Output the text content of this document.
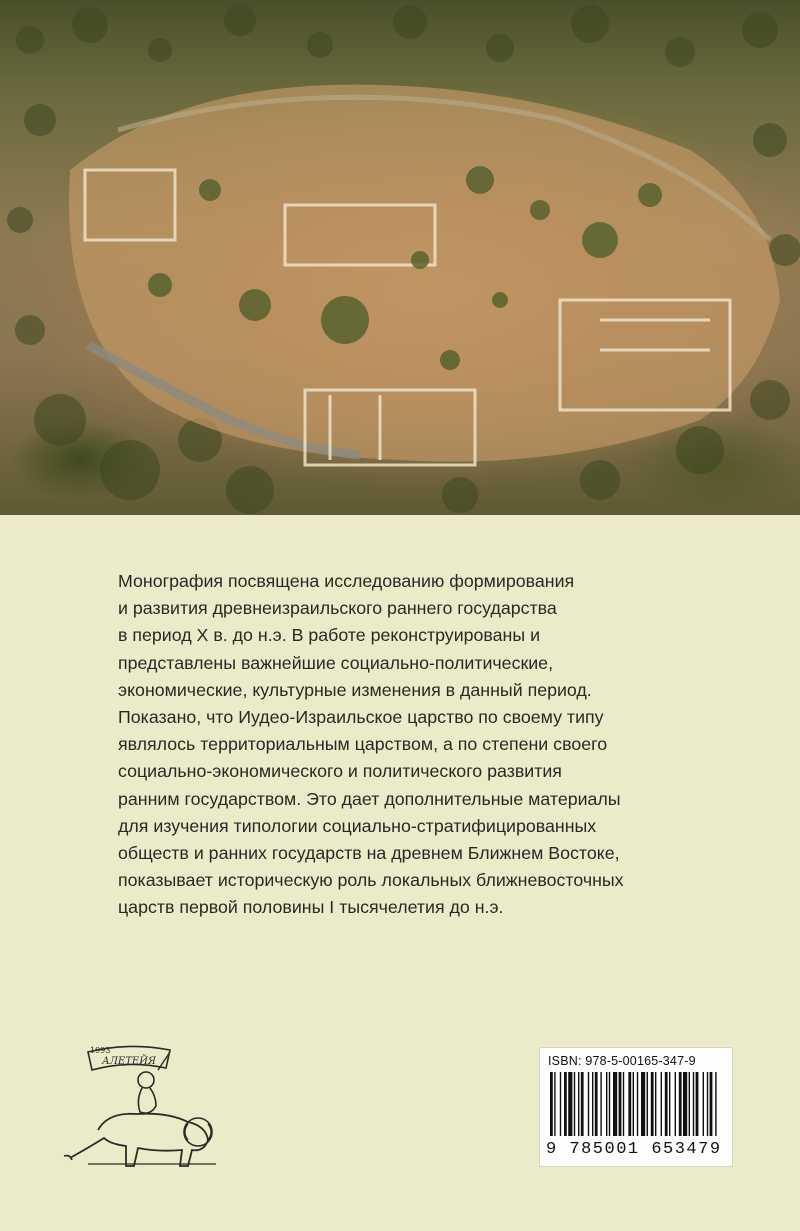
Монография посвящена исследованию формирования
и развития древнеизраильского раннего государства
в период X в. до н.э. В работе реконструированы и
представлены важнейшие социально-политические,
экономические, культурные изменения в данный период.
Показано, что Иудео-Израильское царство по своему типу
являлось территориальным царством, а по степени своего
социально-экономического и политического развития
ранним государством. Это дает дополнительные материалы
для изучения типологии социально-стратифицированных
обществ и ранних государств на древнем Ближнем Востоке,
показывает историческую роль локальных ближневосточных
царств первой половины I тысячелетия до н.э.
1993
АЛЕТЕЙЯ	ISBN: 978-5-00165-347-9
9 785001 653479
